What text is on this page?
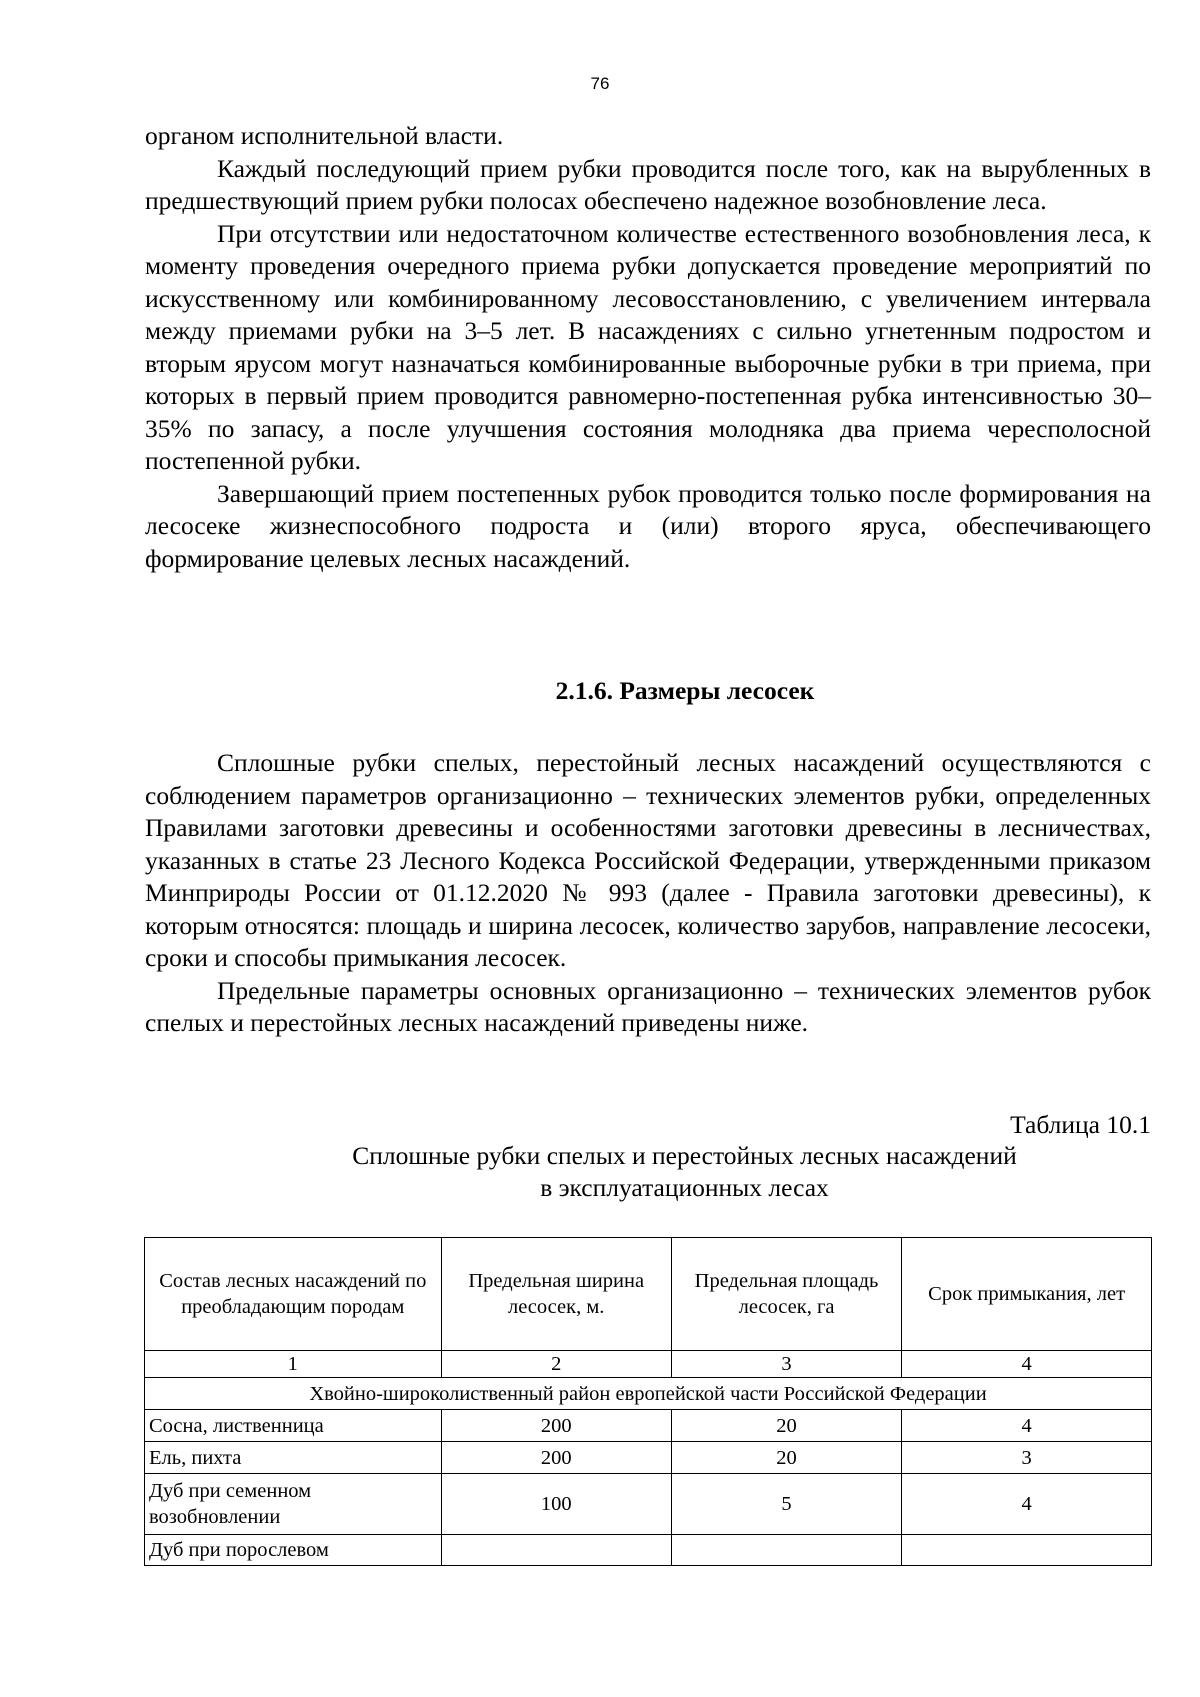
76

органом исполнительной власти.

Каждый последующий прием рубки проводится после того, как на вырубленных в предшествующий прием рубки полосах обеспечено надежное возобновление леса.

При отсутствии или недостаточном количестве естественного возобновления леса, к моменту проведения очередного приема рубки допускается проведение мероприятий по искусственному или комбинированному лесовосстановлению, с увеличением интервала между приемами рубки на 3–5 лет. В насаждениях с сильно угнетенным подростом и вторым ярусом могут назначаться комбинированные выборочные рубки в три приема, при которых в первый прием проводится равномерно-постепенная рубка интенсивностью 30– 35% по запасу, а после улучшения состояния молодняка два приема чересполосной постепенной рубки.

Завершающий прием постепенных рубок проводится только после формирования на лесосеке жизнеспособного подроста и (или) второго яруса, обеспечивающего формирование целевых лесных насаждений.

2.1.6. Размеры лесосек

Сплошные рубки спелых, перестойный лесных насаждений осуществляются с соблюдением параметров организационно – технических элементов рубки, определенных Правилами заготовки древесины и особенностями заготовки древесины в лесничествах, указанных в статье 23 Лесного Кодекса Российской Федерации, утвержденными приказом Минприроды России от 01.12.2020 № 993 (далее - Правила заготовки древесины), к которым относятся: площадь и ширина лесосек, количество зарубов, направление лесосеки, сроки и способы примыкания лесосек.

Предельные параметры основных организационно – технических элементов рубок спелых и перестойных лесных насаждений приведены ниже.

Таблица 10.1
Сплошные рубки спелых и перестойных лесных насаждений
в эксплуатационных лесах
Состав лесных насаждений по преобладающим породам	Предельная ширина лесосек, м.	Предельная площадь лесосек, га	Срок примыкания, лет
1	2	3	4
Хвойно-широколиственный район европейской части Российской Федерации			
Сосна, лиственница	200	20	4
Ель, пихта	200	20	3
Дуб при семенном возобновлении	100	5	4
Дуб при порослевом			
